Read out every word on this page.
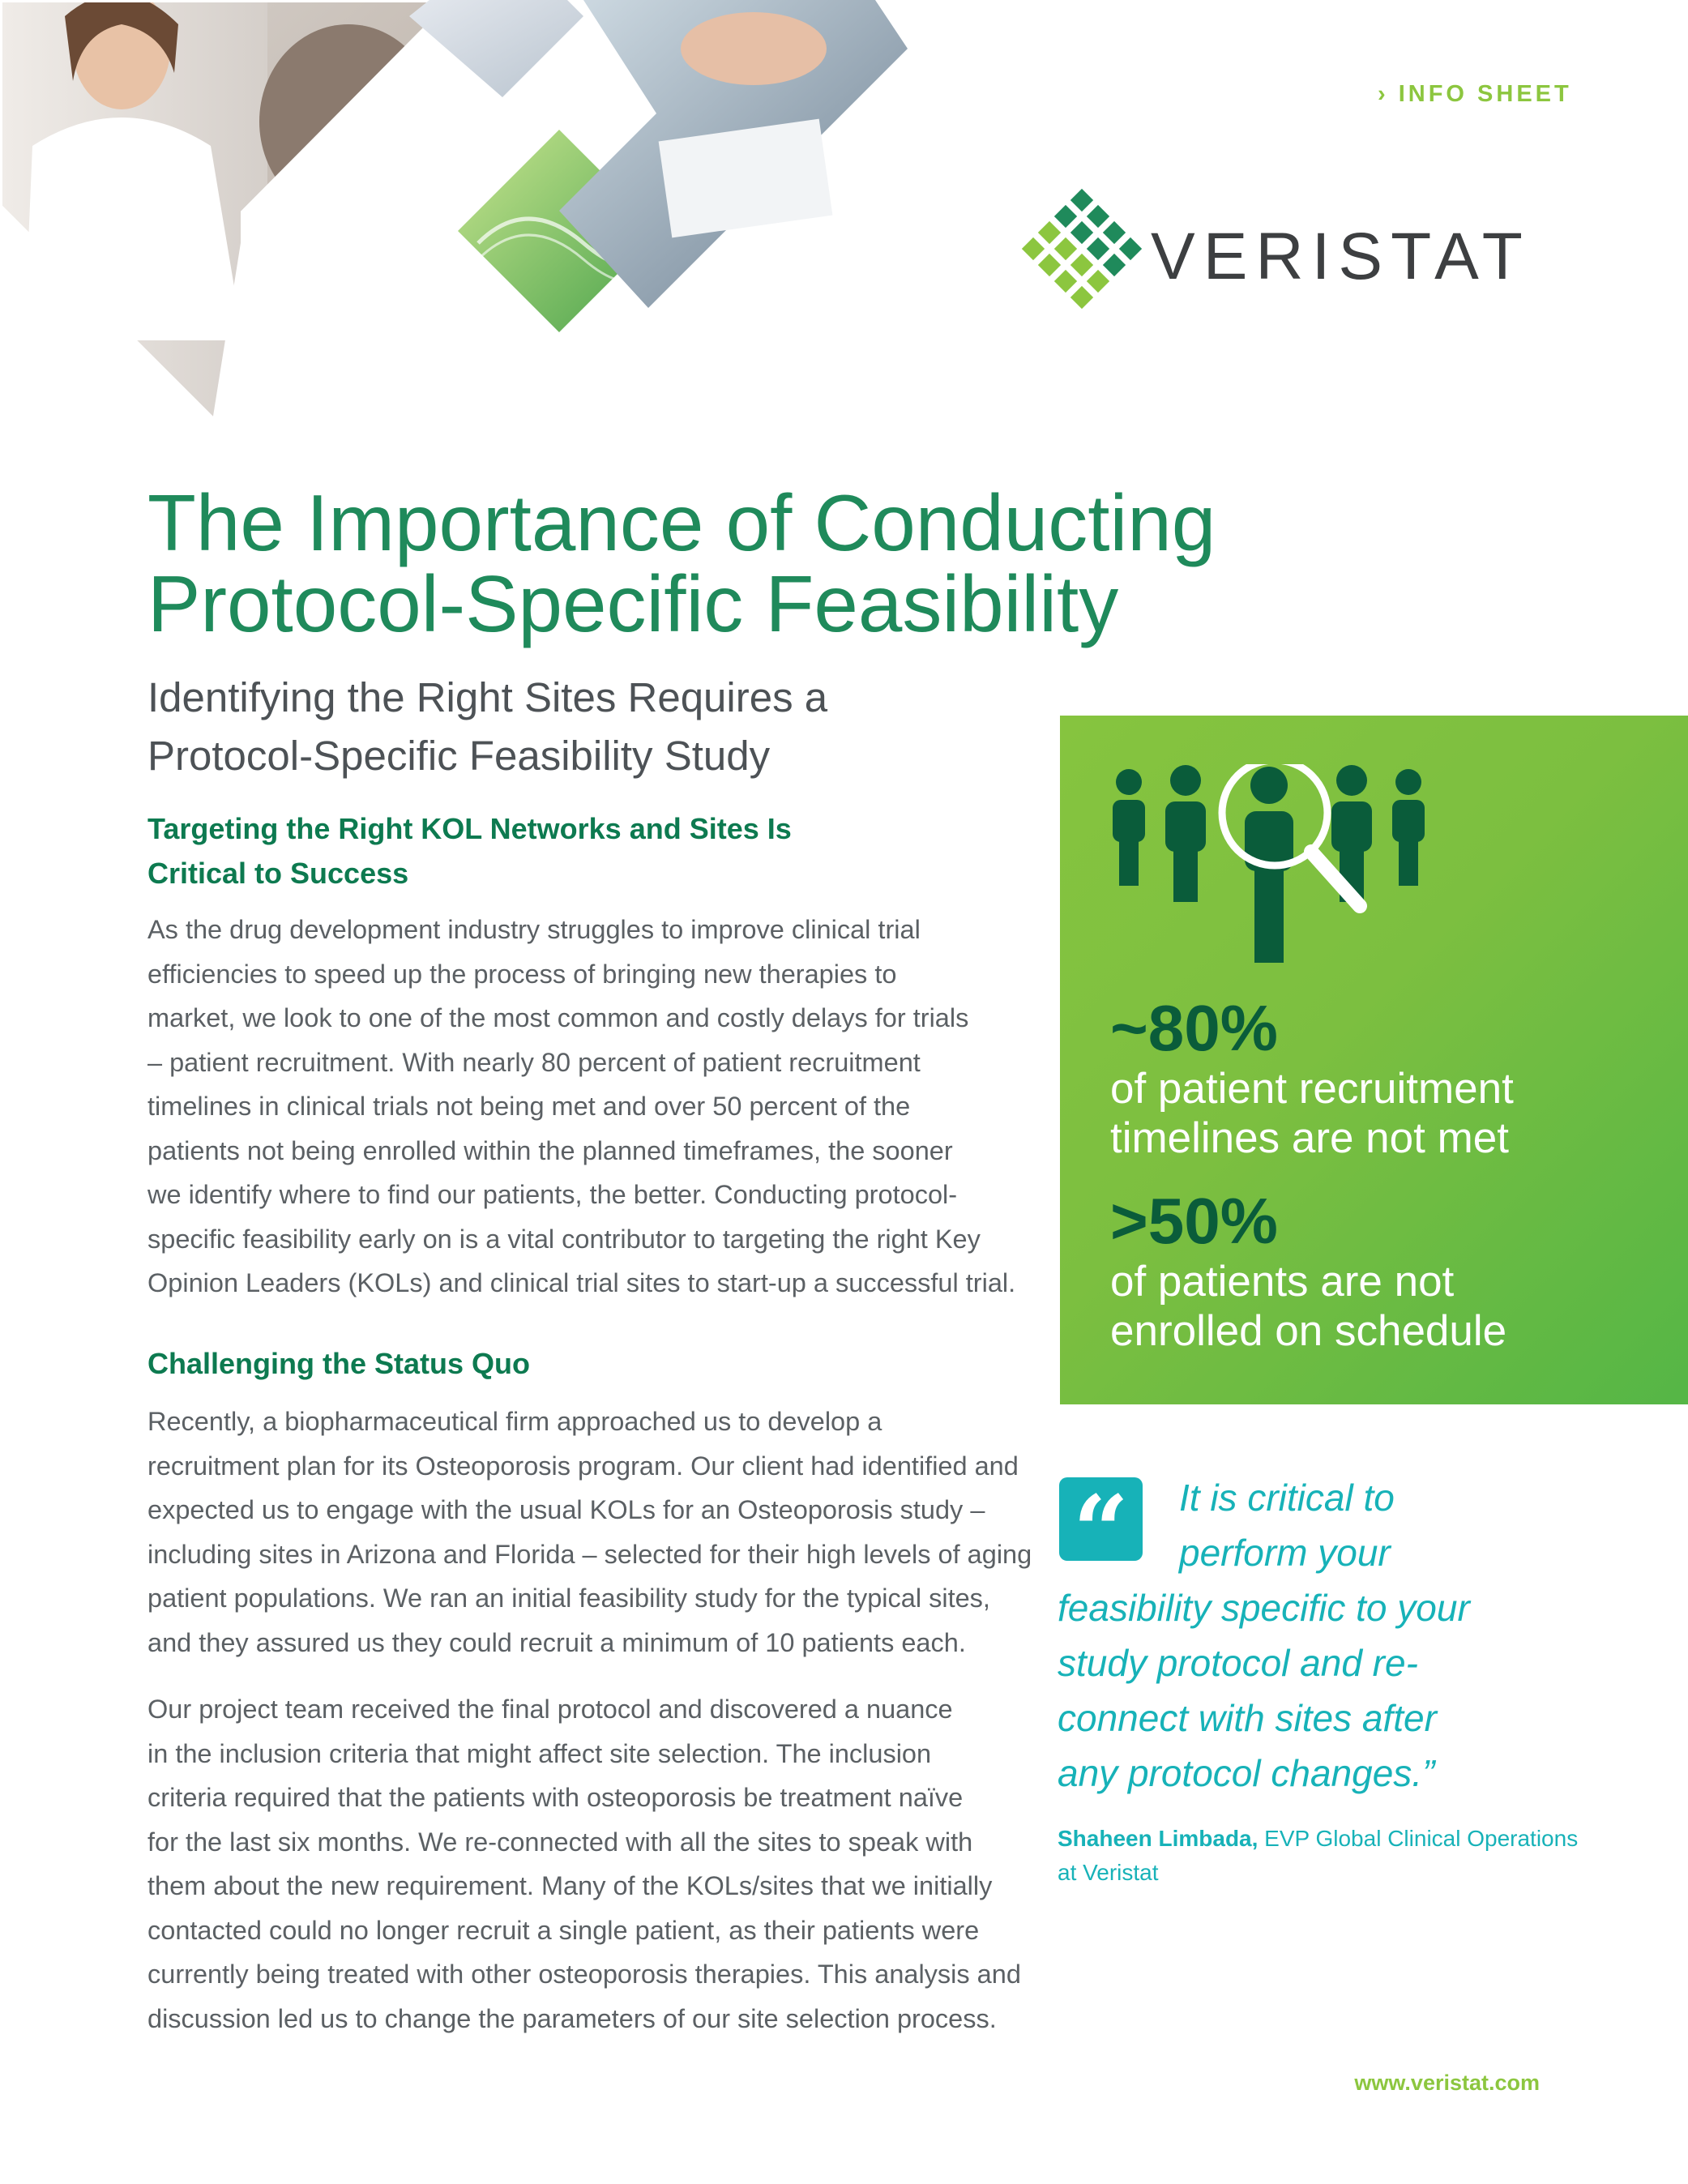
› INFO SHEET
VERISTAT
The Importance of Conducting
Protocol-Specific Feasibility
Identifying the Right Sites Requires a
Protocol-Specific Feasibility Study
Targeting the Right KOL Networks and Sites Is
Critical to Success

As the drug development industry struggles to improve clinical trial
efficiencies to speed up the process of bringing new therapies to
market, we look to one of the most common and costly delays for trials
– patient recruitment. With nearly 80 percent of patient recruitment
timelines in clinical trials not being met and over 50 percent of the
patients not being enrolled within the planned timeframes, the sooner
we identify where to find our patients, the better. Conducting protocol-
specific feasibility early on is a vital contributor to targeting the right Key
Opinion Leaders (KOLs) and clinical trial sites to start-up a successful trial.

Challenging the Status Quo

Recently, a biopharmaceutical firm approached us to develop a
recruitment plan for its Osteoporosis program. Our client had identified and
expected us to engage with the usual KOLs for an Osteoporosis study –
including sites in Arizona and Florida – selected for their high levels of aging
patient populations. We ran an initial feasibility study for the typical sites,
and they assured us they could recruit a minimum of 10 patients each.

Our project team received the final protocol and discovered a nuance
in the inclusion criteria that might affect site selection. The inclusion
criteria required that the patients with osteoporosis be treatment naïve
for the last six months. We re-connected with all the sites to speak with
them about the new requirement. Many of the KOLs/sites that we initially
contacted could no longer recruit a single patient, as their patients were
currently being treated with other osteoporosis therapies. This analysis and
discussion led us to change the parameters of our site selection process.

~80%
of patient recruitment
timelines are not met
>50%
of patients are not
enrolled on schedule
“	It is critical to
perform your
feasibility specific to your
study protocol and re-
connect with sites after
any protocol changes.”

Shaheen Limbada, EVP Global Clinical Operations
at Veristat
www.veristat.com
